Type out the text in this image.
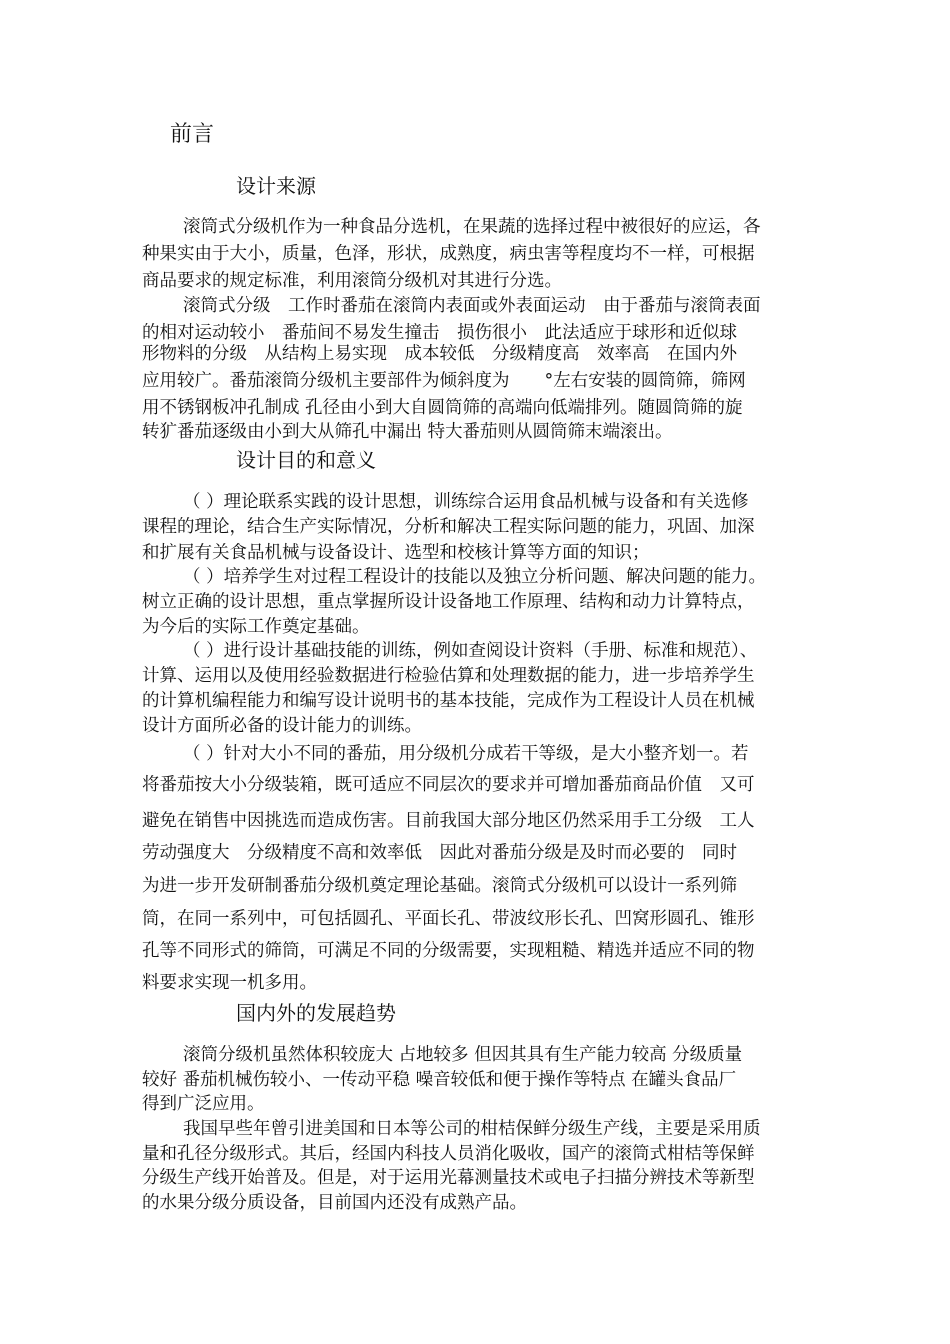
前言
设计来源
滚筒式分级机作为一种食品分选机，在果蔬的选择过程中被很好的应运，各
种果实由于大小，质量，色泽，形状，成熟度，病虫害等程度均不一样，可根据
商品要求的规定标准，利用滚筒分级机对其进行分选。
滚筒式分级　工作时番茄在滚筒内表面或外表面运动　由于番茄与滚筒表面
的相对运动较小　番茄间不易发生撞击　损伤很小　此法适应于球形和近似球
形物料的分级　从结构上易实现　成本较低　分级精度高　效率高　在国内外
应用较广。番茄滚筒分级机主要部件为倾斜度为　　°左右安装的圆筒筛，筛网
用不锈钢板冲孔制成 孔径由小到大自圆筒筛的高端向低端排列。随圆筒筛的旋
转犷番茄逐级由小到大从筛孔中漏出 特大番茄则从圆筒筛末端滚出。
设计目的和意义
（ ）理论联系实践的设计思想，训练综合运用食品机械与设备和有关选修
课程的理论，结合生产实际情况，分析和解决工程实际问题的能力，巩固、加深
和扩展有关食品机械与设备设计、选型和校核计算等方面的知识；
（ ）培养学生对过程工程设计的技能以及独立分析问题、解决问题的能力。
树立正确的设计思想，重点掌握所设计设备地工作原理、结构和动力计算特点，
为今后的实际工作奠定基础。
（ ）进行设计基础技能的训练，例如查阅设计资料（手册、标准和规范）、
计算、运用以及使用经验数据进行检验估算和处理数据的能力，进一步培养学生
的计算机编程能力和编写设计说明书的基本技能，完成作为工程设计人员在机械
设计方面所必备的设计能力的训练。
（ ）针对大小不同的番茄，用分级机分成若干等级，是大小整齐划一。若
将番茄按大小分级装箱，既可适应不同层次的要求并可增加番茄商品价值　又可
避免在销售中因挑选而造成伤害。目前我国大部分地区仍然采用手工分级　工人
劳动强度大　分级精度不高和效率低　因此对番茄分级是及时而必要的　同时
为进一步开发研制番茄分级机奠定理论基础。滚筒式分级机可以设计一系列筛
筒，在同一系列中，可包括圆孔、平面长孔、带波纹形长孔、凹窝形圆孔、锥形
孔等不同形式的筛筒，可满足不同的分级需要，实现粗糙、精选并适应不同的物
料要求实现一机多用。
国内外的发展趋势
滚筒分级机虽然体积较庞大 占地较多 但因其具有生产能力较高 分级质量
较好 番茄机械伤较小、一传动平稳 噪音较低和便于操作等特点 在罐头食品厂
得到广泛应用。
我国早些年曾引进美国和日本等公司的柑桔保鲜分级生产线，主要是采用质
量和孔径分级形式。其后，经国内科技人员消化吸收，国产的滚筒式柑桔等保鲜
分级生产线开始普及。但是，对于运用光幕测量技术或电子扫描分辨技术等新型
的水果分级分质设备，目前国内还没有成熟产品。
